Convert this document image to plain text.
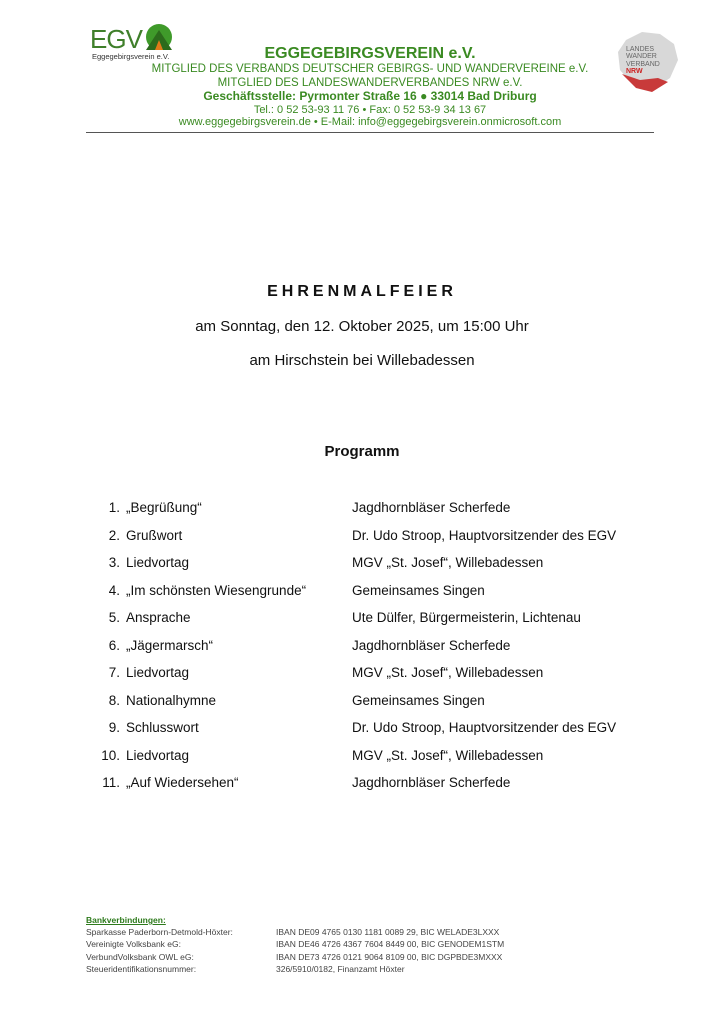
EGV
Eggegebirgsverein e.V.	EGGEGEBIRGSVEREIN e.V.
MITGLIED DES VERBANDS DEUTSCHER GEBIRGS- UND WANDERVEREINE e.V.
MITGLIED DES LANDESWANDERVERBANDES NRW e.V.
Geschäftsstelle: Pyrmonter Straße 16 ● 33014 Bad Driburg
Tel.: 0 52 53-93 11 76 • Fax: 0 52 53-9 34 13 67
www.eggegebirgsverein.de • E-Mail: info@eggegebirgsverein.onmicrosoft.com
LANDES
WANDER
VERBAND
NRW
EHRENMALFEIER
am Sonntag, den 12. Oktober 2025, um 15:00 Uhr
am Hirschstein bei Willebadessen
Programm
1. „Begrüßung“	Jagdhornbläser Scherfede
2. Grußwort	Dr. Udo Stroop, Hauptvorsitzender des EGV
3. Liedvortag	MGV „St. Josef“, Willebadessen
4. „Im schönsten Wiesengrunde“	Gemeinsames Singen
5. Ansprache	Ute Dülfer, Bürgermeisterin, Lichtenau
6. „Jägermarsch“	Jagdhornbläser Scherfede
7. Liedvortag	MGV „St. Josef“, Willebadessen
8. Nationalhymne	Gemeinsames Singen
9. Schlusswort	Dr. Udo Stroop, Hauptvorsitzender des EGV
10. Liedvortag	MGV „St. Josef“, Willebadessen
11. „Auf Wiedersehen“	Jagdhornbläser Scherfede
Bankverbindungen:
Sparkasse Paderborn-Detmold-Höxter:	IBAN DE09 4765 0130 1181 0089 29, BIC WELADE3LXXX
Vereinigte Volksbank eG:	IBAN DE46 4726 4367 7604 8449 00, BIC GENODEM1STM
VerbundVolksbank OWL eG:	IBAN DE73 4726 0121 9064 8109 00, BIC DGPBDE3MXXX
Steueridentifikationsnummer:	326/5910/0182, Finanzamt Höxter
